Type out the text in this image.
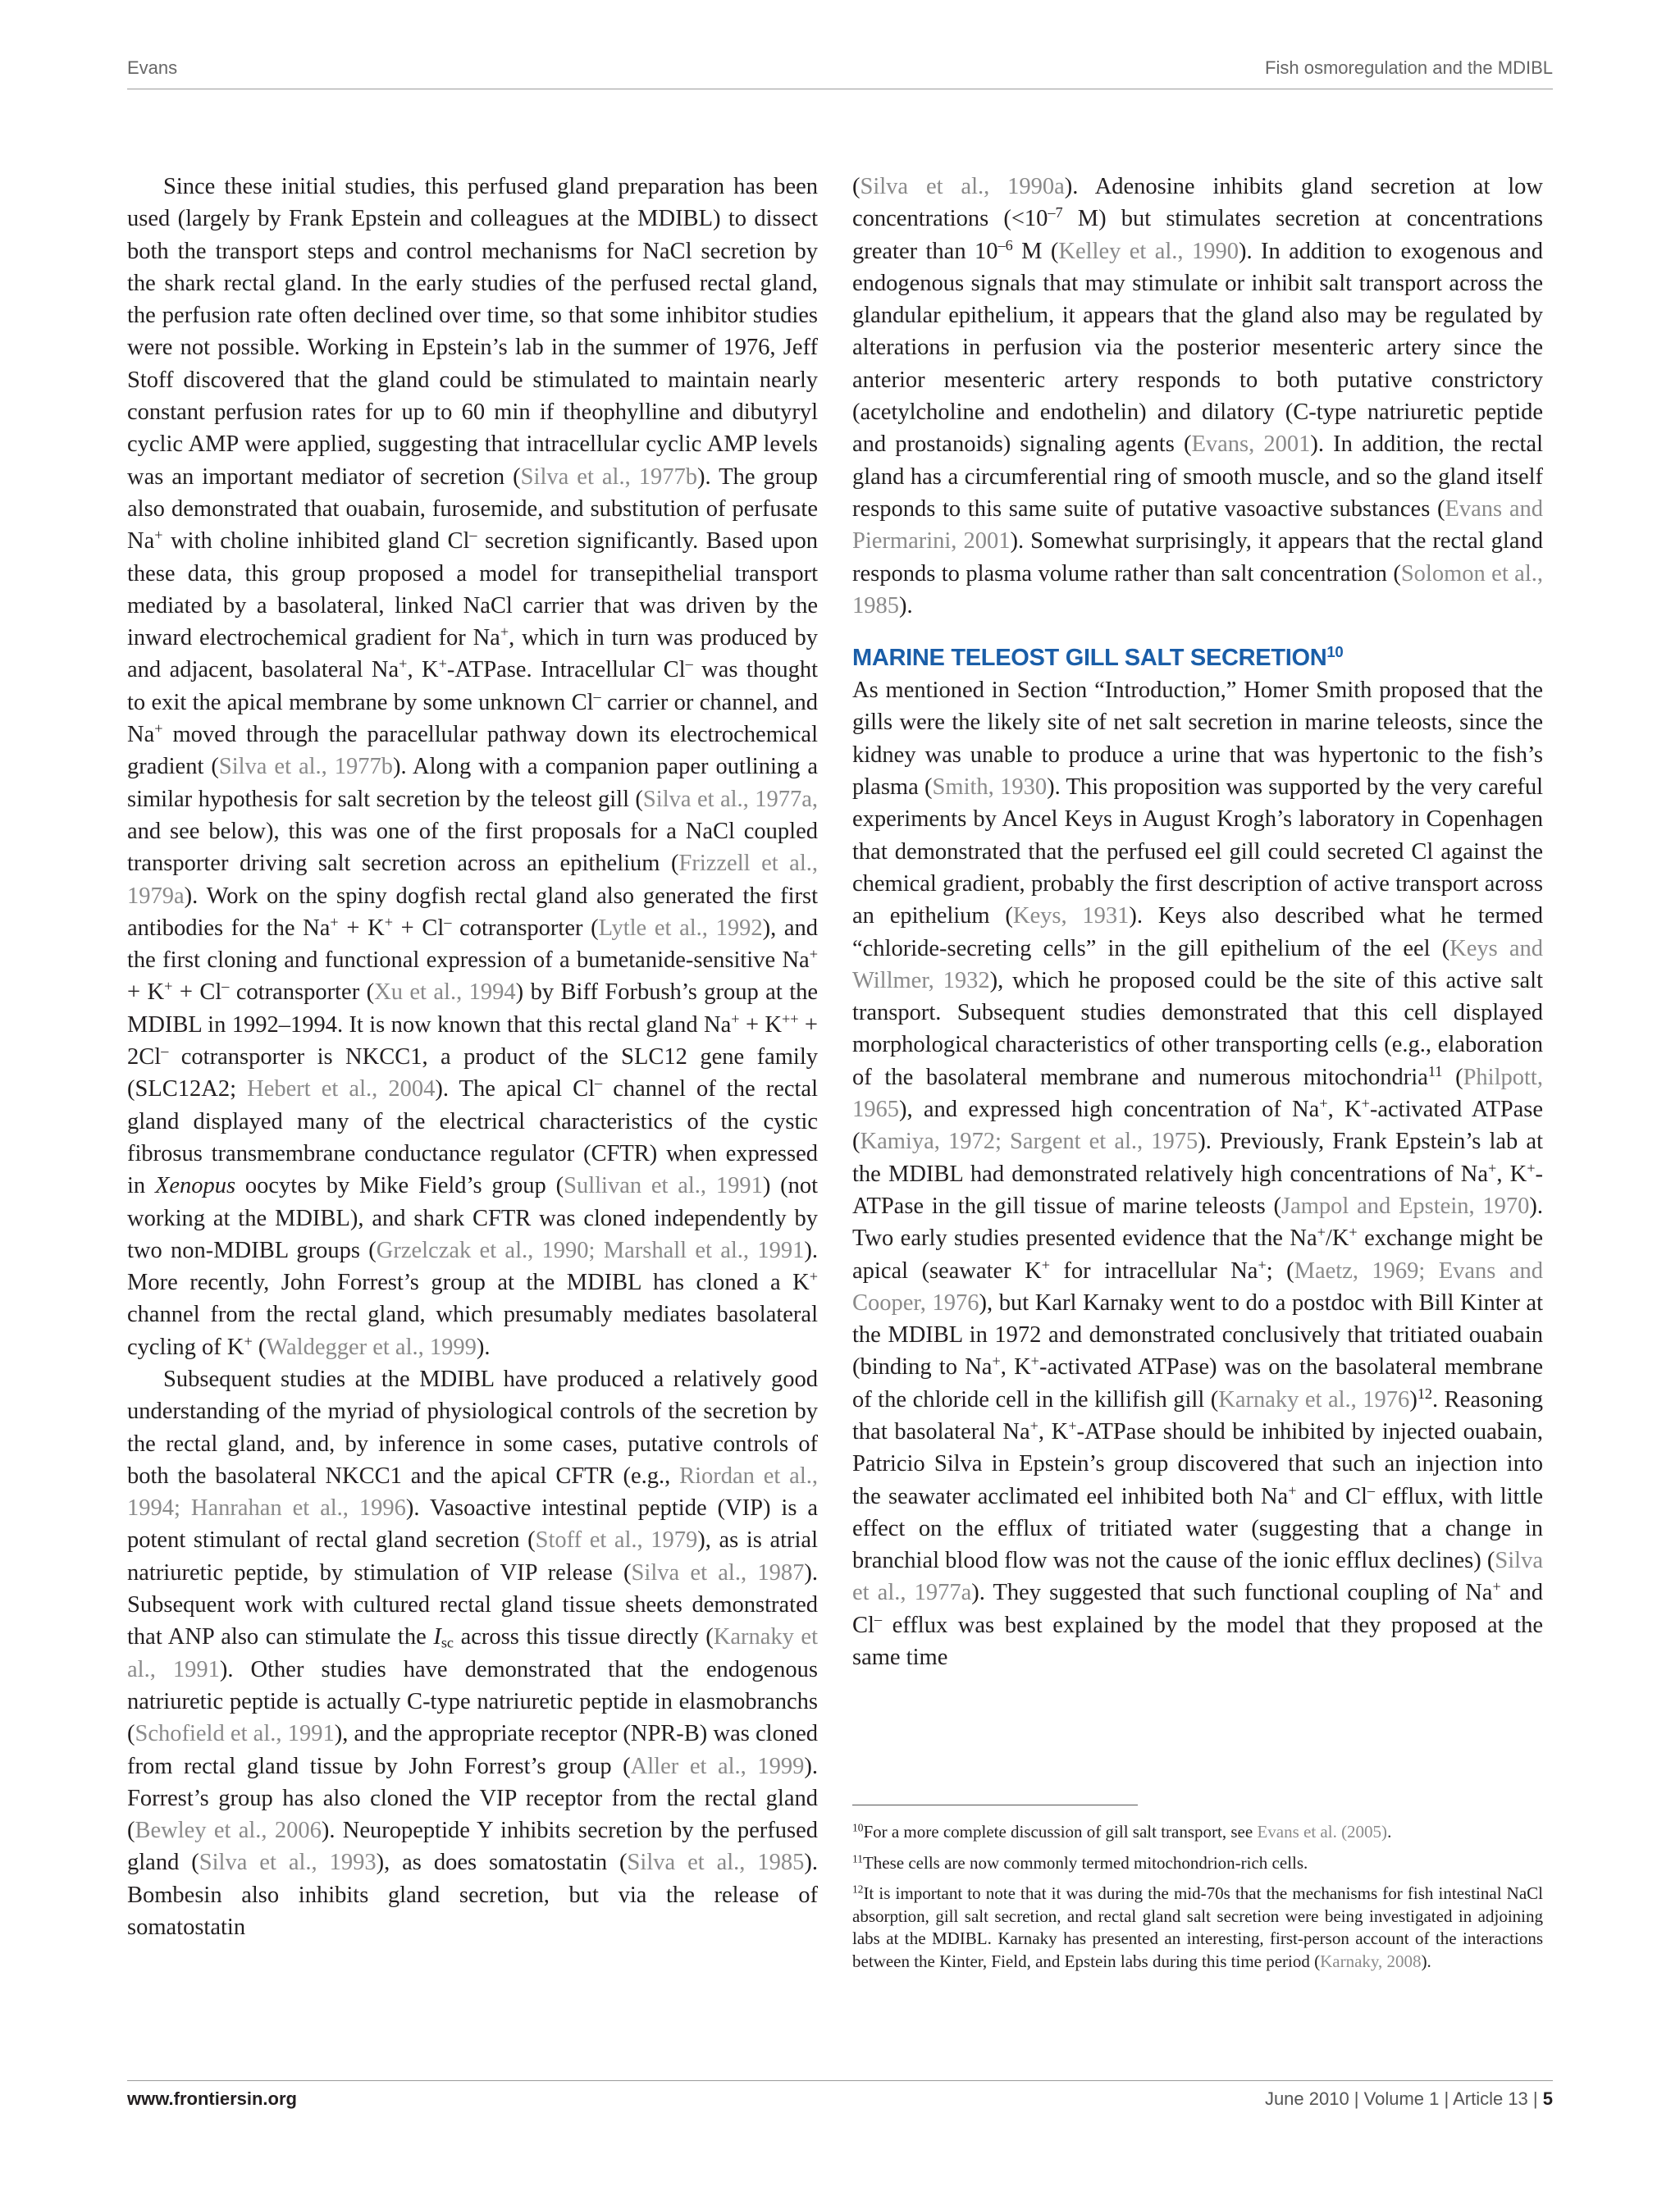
Evans	Fish osmoregulation and the MDIBL

Since these initial studies, this perfused gland preparation has been used (largely by Frank Epstein and colleagues at the MDIBL) to dissect both the transport steps and control mechanisms for NaCl secretion by the shark rectal gland. In the early studies of the perfused rectal gland, the perfusion rate often declined over time, so that some inhibitor studies were not possible. Working in Epstein’s lab in the summer of 1976, Jeff Stoff discovered that the gland could be stimulated to maintain nearly constant perfusion rates for up to 60 min if theophylline and dibutyryl cyclic AMP were applied, suggesting that intracellular cyclic AMP levels was an important mediator of secretion (Silva et al., 1977b). The group also demonstrated that ouabain, furosemide, and substitution of perfusate Na+ with choline inhibited gland Cl– secretion significantly. Based upon these data, this group proposed a model for transepithelial transport mediated by a basolateral, linked NaCl carrier that was driven by the inward electrochemical gradient for Na+, which in turn was produced by and adjacent, basolateral Na+, K+-ATPase. Intracellular Cl– was thought to exit the apical membrane by some unknown Cl– carrier or channel, and Na+ moved through the paracellular pathway down its electrochemical gradient (Silva et al., 1977b). Along with a companion paper outlining a similar hypothesis for salt secretion by the teleost gill (Silva et al., 1977a, and see below), this was one of the first proposals for a NaCl coupled transporter driving salt secretion across an epithelium (Frizzell et al., 1979a). Work on the spiny dogfish rectal gland also generated the first antibodies for the Na+ + K+ + Cl– cotransporter (Lytle et al., 1992), and the first cloning and functional expression of a bumetanide-sensitive Na+ + K+ + Cl– cotransporter (Xu et al., 1994) by Biff Forbush’s group at the MDIBL in 1992–1994. It is now known that this rectal gland Na+ + K++ + 2Cl– cotransporter is NKCC1, a product of the SLC12 gene family (SLC12A2; Hebert et al., 2004). The apical Cl– channel of the rectal gland displayed many of the electrical characteristics of the cystic fibrosus transmembrane conductance regulator (CFTR) when expressed in Xenopus oocytes by Mike Field’s group (Sullivan et al., 1991) (not working at the MDIBL), and shark CFTR was cloned independently by two non-MDIBL groups (Grzelczak et al., 1990; Marshall et al., 1991). More recently, John Forrest’s group at the MDIBL has cloned a K+ channel from the rectal gland, which presumably mediates basolateral cycling of K+ (Waldegger et al., 1999).

Subsequent studies at the MDIBL have produced a relatively good understanding of the myriad of physiological controls of the secretion by the rectal gland, and, by inference in some cases, putative controls of both the basolateral NKCC1 and the apical CFTR (e.g., Riordan et al., 1994; Hanrahan et al., 1996). Vasoactive intestinal peptide (VIP) is a potent stimulant of rectal gland secretion (Stoff et al., 1979), as is atrial natriuretic peptide, by stimulation of VIP release (Silva et al., 1987). Subsequent work with cultured rectal gland tissue sheets demonstrated that ANP also can stimulate the $I_{sc}$ across this tissue directly (Karnaky et al., 1991). Other studies have demonstrated that the endogenous natriuretic peptide is actually C-type natriuretic peptide in elasmobranchs (Schofield et al., 1991), and the appropriate receptor (NPR-B) was cloned from rectal gland tissue by John Forrest’s group (Aller et al., 1999). Forrest’s group has also cloned the VIP receptor from the rectal gland (Bewley et al., 2006). Neuropeptide Y inhibits secretion by the perfused gland (Silva et al., 1993), as does somatostatin (Silva et al., 1985). Bombesin also inhibits gland secretion, but via the release of somatostatin

(Silva et al., 1990a). Adenosine inhibits gland secretion at low concentrations ($<10^{-7}$ M) but stimulates secretion at concentrations greater than $10^{-6}$ M (Kelley et al., 1990). In addition to exogenous and endogenous signals that may stimulate or inhibit salt transport across the glandular epithelium, it appears that the gland also may be regulated by alterations in perfusion via the posterior mesenteric artery since the anterior mesenteric artery responds to both putative constrictory (acetylcholine and endothelin) and dilatory (C-type natriuretic peptide and prostanoids) signaling agents (Evans, 2001). In addition, the rectal gland has a circumferential ring of smooth muscle, and so the gland itself responds to this same suite of putative vasoactive substances (Evans and Piermarini, 2001). Somewhat surprisingly, it appears that the rectal gland responds to plasma volume rather than salt concentration (Solomon et al., 1985).

MARINE TELEOST GILL SALT SECRETION$^{10}$

As mentioned in Section “Introduction,” Homer Smith proposed that the gills were the likely site of net salt secretion in marine teleosts, since the kidney was unable to produce a urine that was hypertonic to the fish’s plasma (Smith, 1930). This proposition was supported by the very careful experiments by Ancel Keys in August Krogh’s laboratory in Copenhagen that demonstrated that the perfused eel gill could secreted Cl against the chemical gradient, probably the first description of active transport across an epithelium (Keys, 1931). Keys also described what he termed “chloride-secreting cells” in the gill epithelium of the eel (Keys and Willmer, 1932), which he proposed could be the site of this active salt transport. Subsequent studies demonstrated that this cell displayed morphological characteristics of other transporting cells (e.g., elaboration of the basolateral membrane and numerous mitochondria$^{11}$ (Philpott, 1965), and expressed high concentration of Na+, K+-activated ATPase (Kamiya, 1972; Sargent et al., 1975). Previously, Frank Epstein’s lab at the MDIBL had demonstrated relatively high concentrations of Na+, K+-ATPase in the gill tissue of marine teleosts (Jampol and Epstein, 1970). Two early studies presented evidence that the Na+/K+ exchange might be apical (seawater K+ for intracellular Na+; (Maetz, 1969; Evans and Cooper, 1976), but Karl Karnaky went to do a postdoc with Bill Kinter at the MDIBL in 1972 and demonstrated conclusively that tritiated ouabain (binding to Na+, K+-activated ATPase) was on the basolateral membrane of the chloride cell in the killifish gill (Karnaky et al., 1976)$^{12}$. Reasoning that basolateral Na+, K+-ATPase should be inhibited by injected ouabain, Patricio Silva in Epstein’s group discovered that such an injection into the seawater acclimated eel inhibited both Na+ and Cl– efflux, with little effect on the efflux of tritiated water (suggesting that a change in branchial blood flow was not the cause of the ionic efflux declines) (Silva et al., 1977a). They suggested that such functional coupling of Na+ and Cl– efflux was best explained by the model that they proposed at the same time

$^{10}$For a more complete discussion of gill salt transport, see Evans et al. (2005).

$^{11}$These cells are now commonly termed mitochondrion-rich cells.

$^{12}$It is important to note that it was during the mid-70s that the mechanisms for fish intestinal NaCl absorption, gill salt secretion, and rectal gland salt secretion were being investigated in adjoining labs at the MDIBL. Karnaky has presented an interesting, first-person account of the interactions between the Kinter, Field, and Epstein labs during this time period (Karnaky, 2008).

www.frontiersin.org	June 2010 | Volume 1 | Article 13 | 5
